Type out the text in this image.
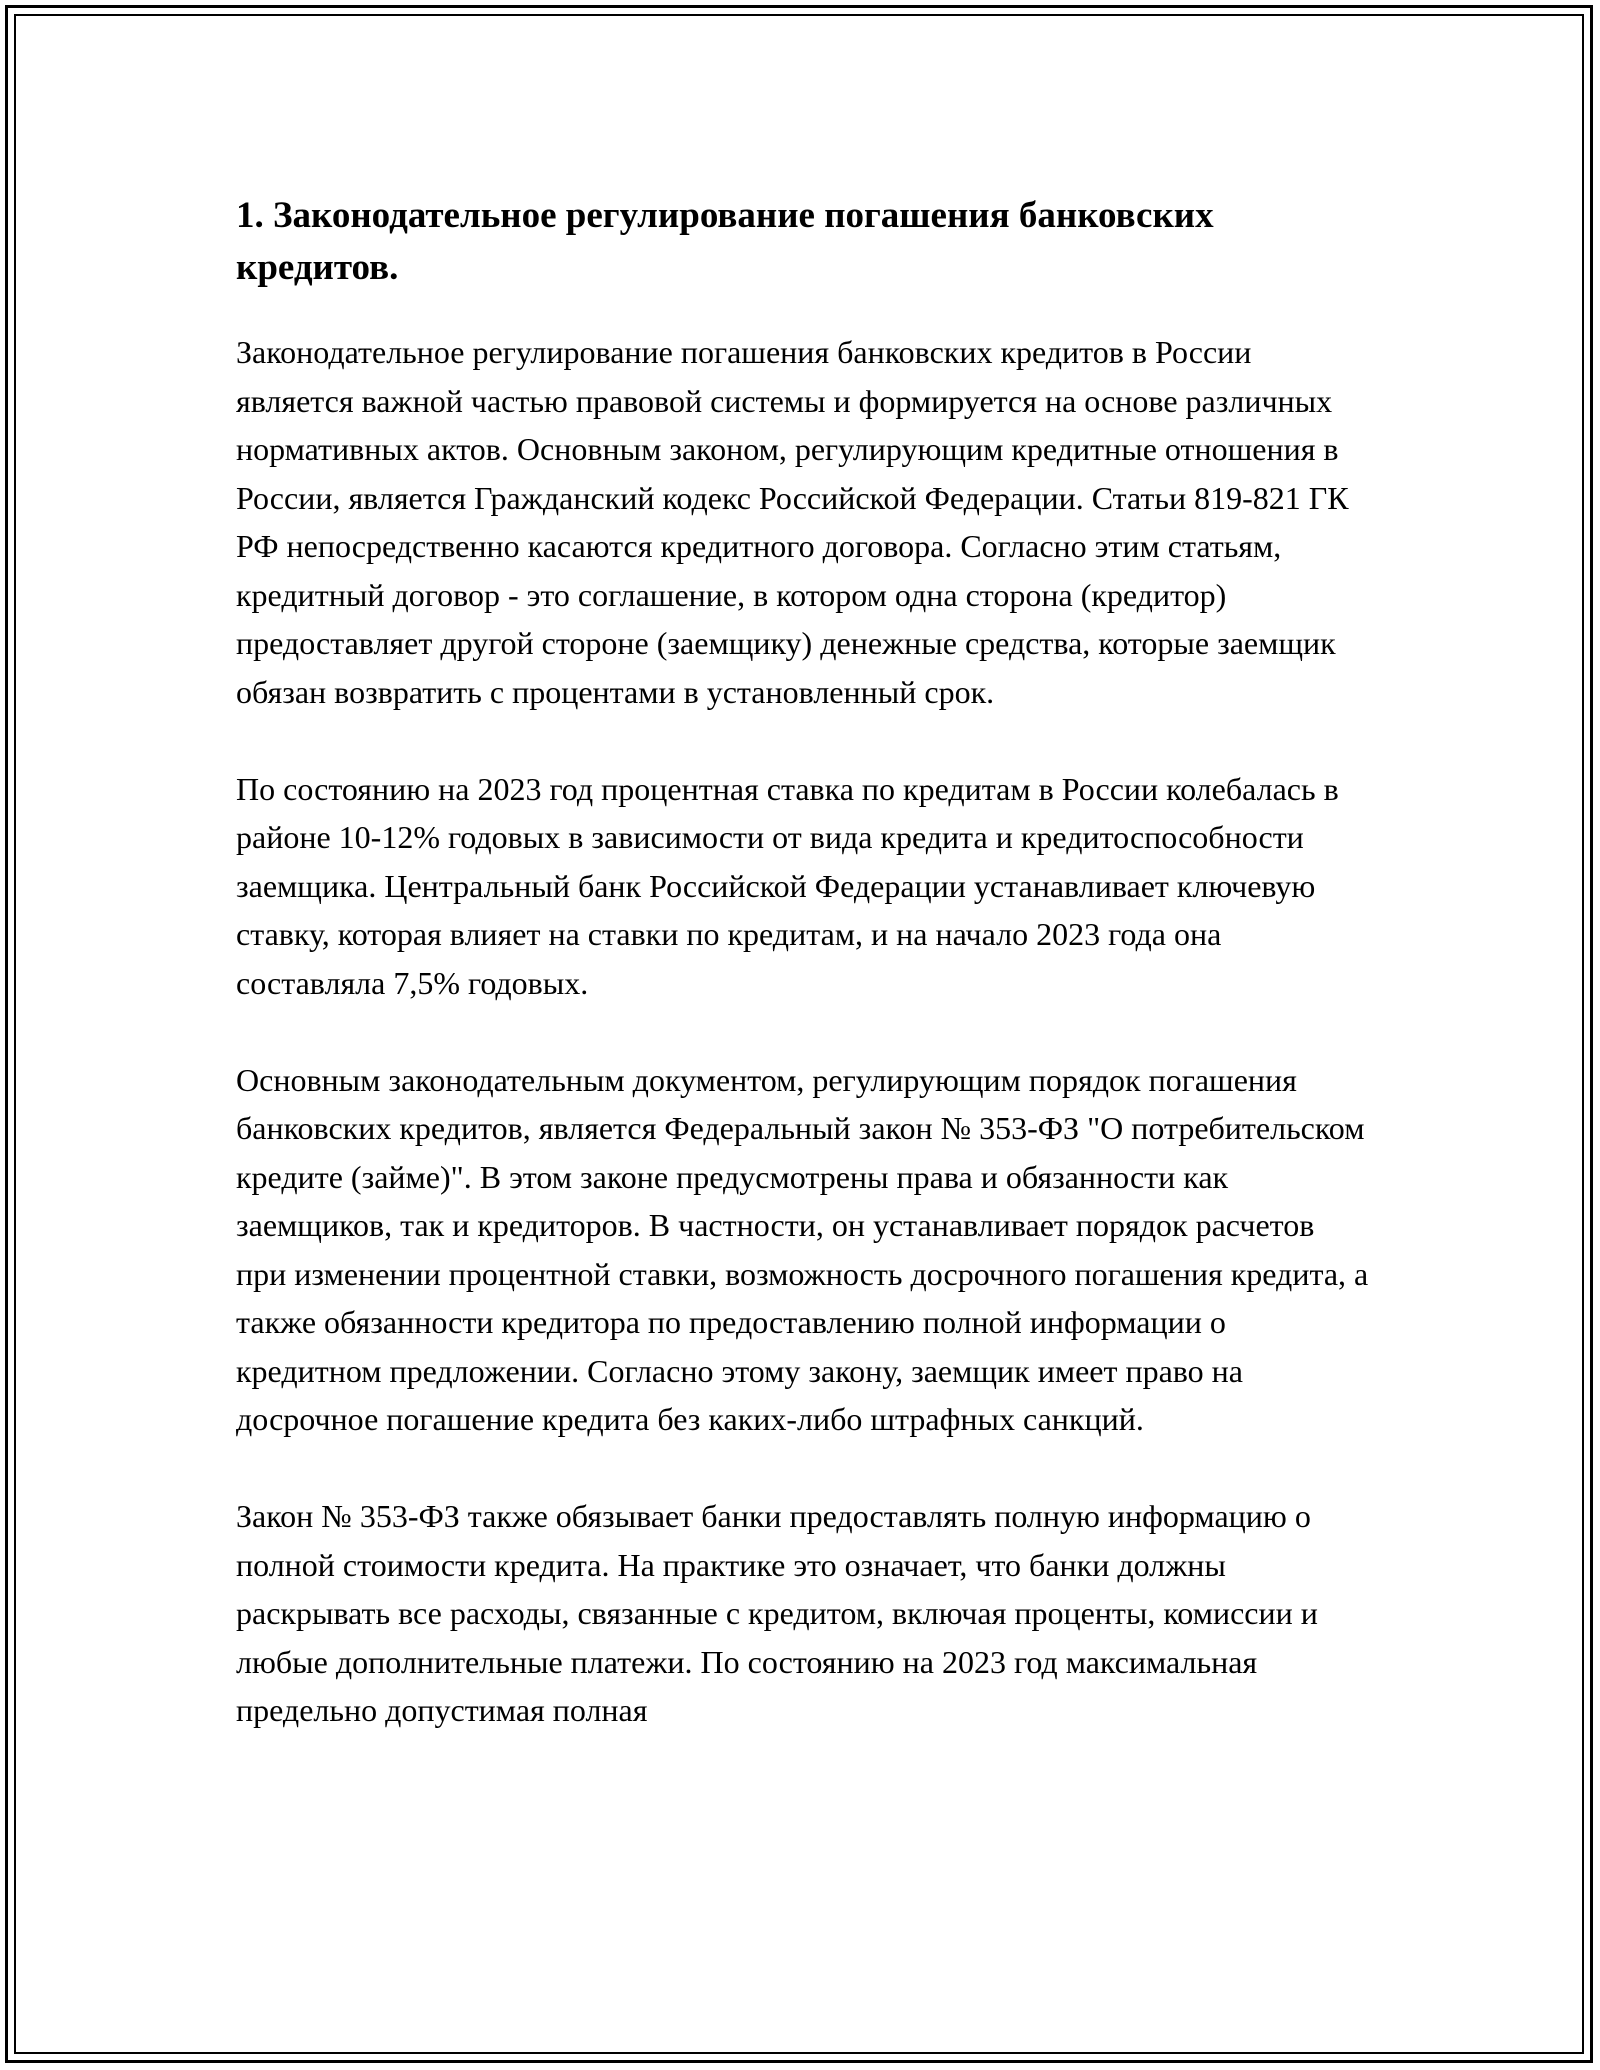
1. Законодательное регулирование погашения банковских кредитов.

Законодательное регулирование погашения банковских кредитов в России является важной частью правовой системы и формируется на основе различных нормативных актов. Основным законом, регулирующим кредитные отношения в России, является Гражданский кодекс Российской Федерации. Статьи 819-821 ГК РФ непосредственно касаются кредитного договора. Согласно этим статьям, кредитный договор - это соглашение, в котором одна сторона (кредитор) предоставляет другой стороне (заемщику) денежные средства, которые заемщик обязан возвратить с процентами в установленный срок.

По состоянию на 2023 год процентная ставка по кредитам в России колебалась в районе 10-12% годовых в зависимости от вида кредита и кредитоспособности заемщика. Центральный банк Российской Федерации устанавливает ключевую ставку, которая влияет на ставки по кредитам, и на начало 2023 года она составляла 7,5% годовых.

Основным законодательным документом, регулирующим порядок погашения банковских кредитов, является Федеральный закон № 353-ФЗ "О потребительском кредите (займе)". В этом законе предусмотрены права и обязанности как заемщиков, так и кредиторов. В частности, он устанавливает порядок расчетов при изменении процентной ставки, возможность досрочного погашения кредита, а также обязанности кредитора по предоставлению полной информации о кредитном предложении. Согласно этому закону, заемщик имеет право на досрочное погашение кредита без каких-либо штрафных санкций.

Закон № 353-ФЗ также обязывает банки предоставлять полную информацию о полной стоимости кредита. На практике это означает, что банки должны раскрывать все расходы, связанные с кредитом, включая проценты, комиссии и любые дополнительные платежи. По состоянию на 2023 год максимальная предельно допустимая полная
